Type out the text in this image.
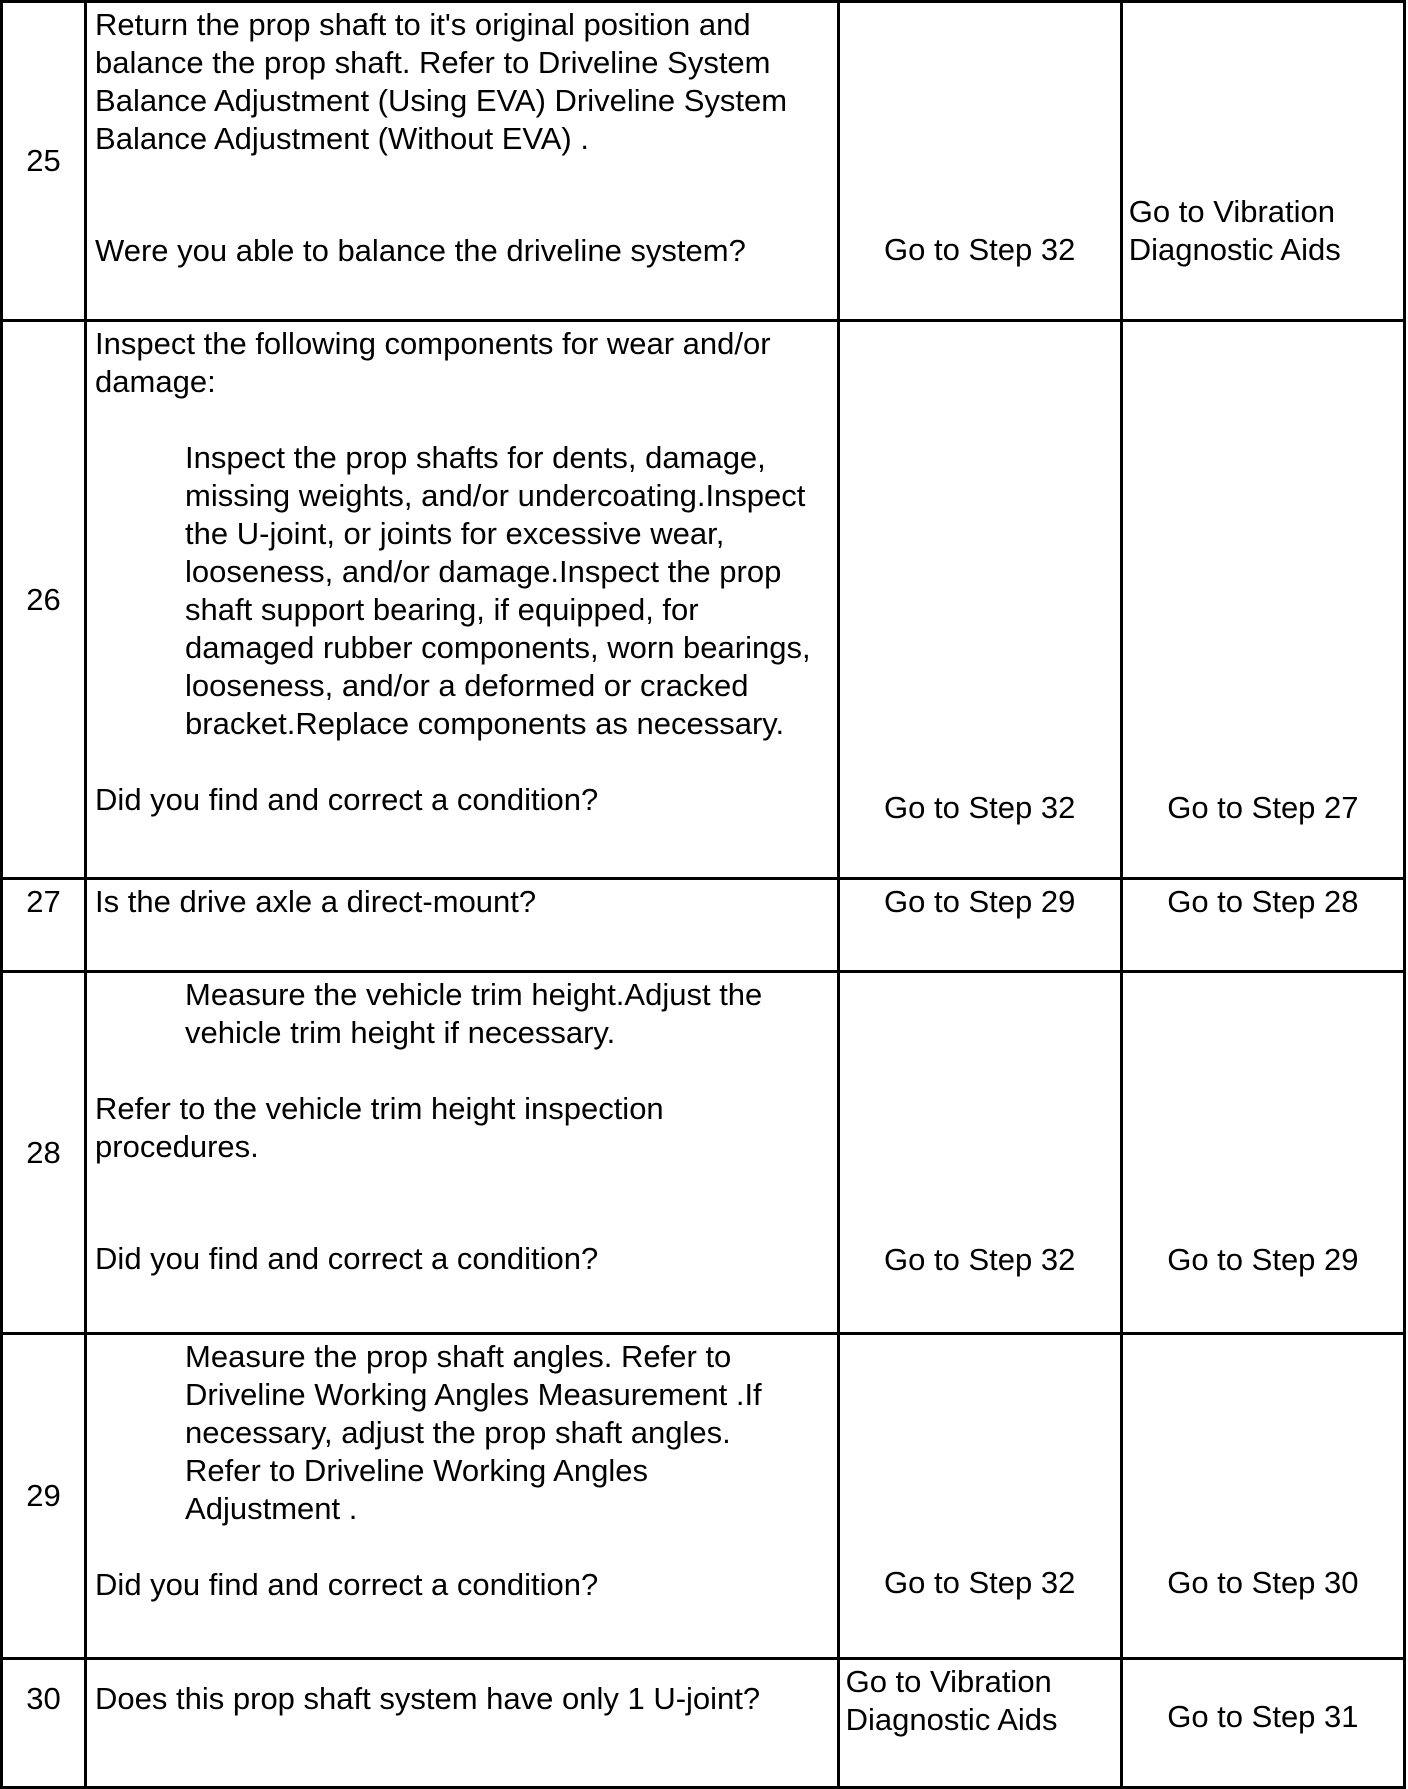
25	Return the prop shaft to it's original position and balance the prop shaft. Refer to Driveline System Balance Adjustment (Using EVA) Driveline System Balance Adjustment (Without EVA) .
Were you able to balance the driveline system?	Go to Step 32	Go to Vibration Diagnostic Aids

26	Inspect the following components for wear and/or damage:
Inspect the prop shafts for dents, damage, missing weights, and/or undercoating.Inspect the U-joint, or joints for excessive wear, looseness, and/or damage.Inspect the prop shaft support bearing, if equipped, for damaged rubber components, worn bearings, looseness, and/or a deformed or cracked bracket.Replace components as necessary.
Did you find and correct a condition?	Go to Step 32	Go to Step 27

27	Is the drive axle a direct-mount?	Go to Step 29	Go to Step 28

28	Measure the vehicle trim height.Adjust the vehicle trim height if necessary.
Refer to the vehicle trim height inspection procedures.
Did you find and correct a condition?	Go to Step 32	Go to Step 29

29	Measure the prop shaft angles. Refer to Driveline Working Angles Measurement .If necessary, adjust the prop shaft angles. Refer to Driveline Working Angles Adjustment .
Did you find and correct a condition?	Go to Step 32	Go to Step 30

30	Does this prop shaft system have only 1 U-joint?	Go to Vibration Diagnostic Aids	Go to Step 31
